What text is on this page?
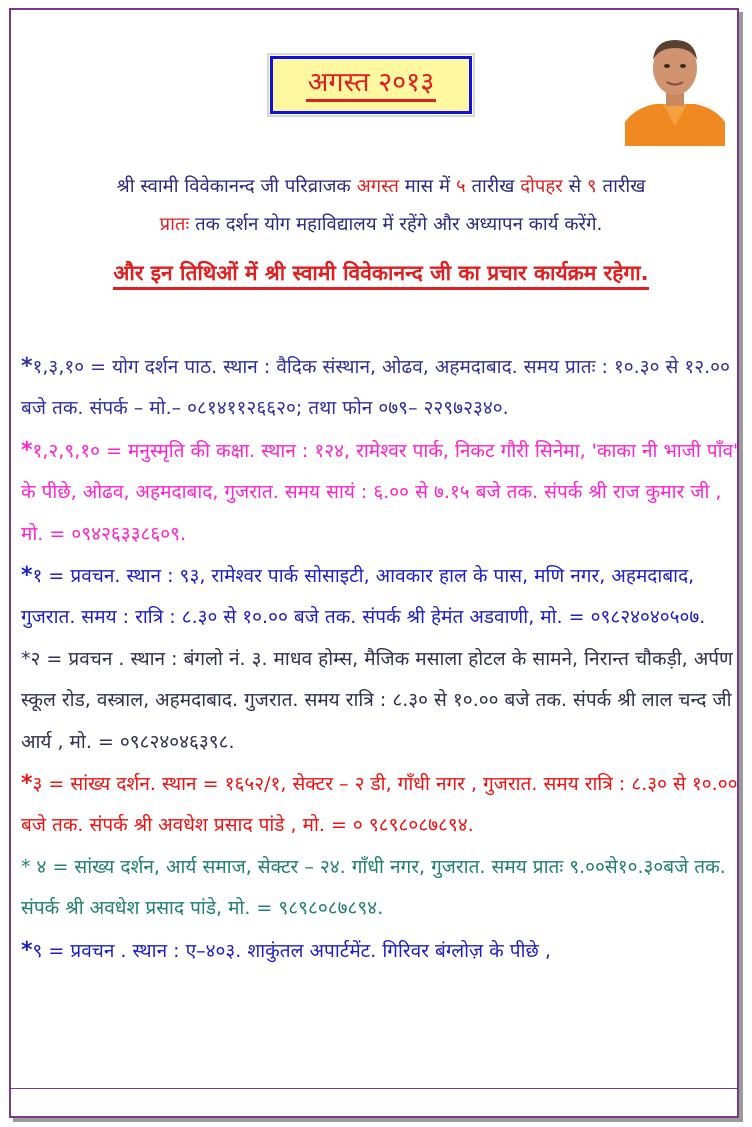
अगस्त २०१३
श्री स्वामी विवेकानन्द जी परिव्राजक अगस्त मास में ५ तारीख दोपहर से ९ तारीख
प्रातः तक दर्शन योग महाविद्यालय में रहेंगे और अध्यापन कार्य करेंगे.
और इन तिथिओं में श्री स्वामी विवेकानन्द जी का प्रचार कार्यक्रम रहेगा.

*१,३,१० = योग दर्शन पाठ. स्थान : वैदिक संस्थान, ओढव, अहमदाबाद. समय प्रातः : १०.३० से १२.०० बजे तक. संपर्क – मो.– ०८१४११२६६२०; तथा फोन ०७९– २२९७२३४०.

*१,२,९,१० = मनुस्मृति की कक्षा. स्थान : १२४, रामेश्वर पार्क, निकट गौरी सिनेमा, 'काका नी भाजी पाँव' के पीछे, ओढव, अहमदाबाद, गुजरात. समय सायं : ६.०० से ७.१५ बजे तक. संपर्क श्री राज कुमार जी , मो. = ०९४२६३३८६०९.

*१ = प्रवचन. स्थान : ९३, रामेश्वर पार्क सोसाइटी, आवकार हाल के पास, मणि नगर, अहमदाबाद, गुजरात. समय : रात्रि : ८.३० से १०.०० बजे तक. संपर्क श्री हेमंत अडवाणी, मो. = ०९८२४०४०५०७.

*२ = प्रवचन . स्थान : बंगलो नं. ३. माधव होम्स, मैजिक मसाला होटल के सामने, निरान्त चौकड़ी, अर्पण स्कूल रोड, वस्त्राल, अहमदाबाद. गुजरात. समय रात्रि : ८.३० से १०.०० बजे तक. संपर्क श्री लाल चन्द जी आर्य , मो. = ०९८२४०४६३९८.

*३ = सांख्य दर्शन. स्थान = १६५२/१, सेक्टर – २ डी, गाँधी नगर , गुजरात. समय रात्रि : ८.३० से १०.०० बजे तक. संपर्क श्री अवधेश प्रसाद पांडे , मो. = ० ९८९८०८७८९४.

* ४ = सांख्य दर्शन, आर्य समाज, सेक्टर – २४. गाँधी नगर, गुजरात. समय प्रातः ९.००से१०.३०बजे तक. संपर्क श्री अवधेश प्रसाद पांडे, मो. = ९८९८०८७८९४.

*९ = प्रवचन . स्थान : ए–४०३. शाकुंतल अपार्टमेंट. गिरिवर बंग्लोज़ के पीछे ,
